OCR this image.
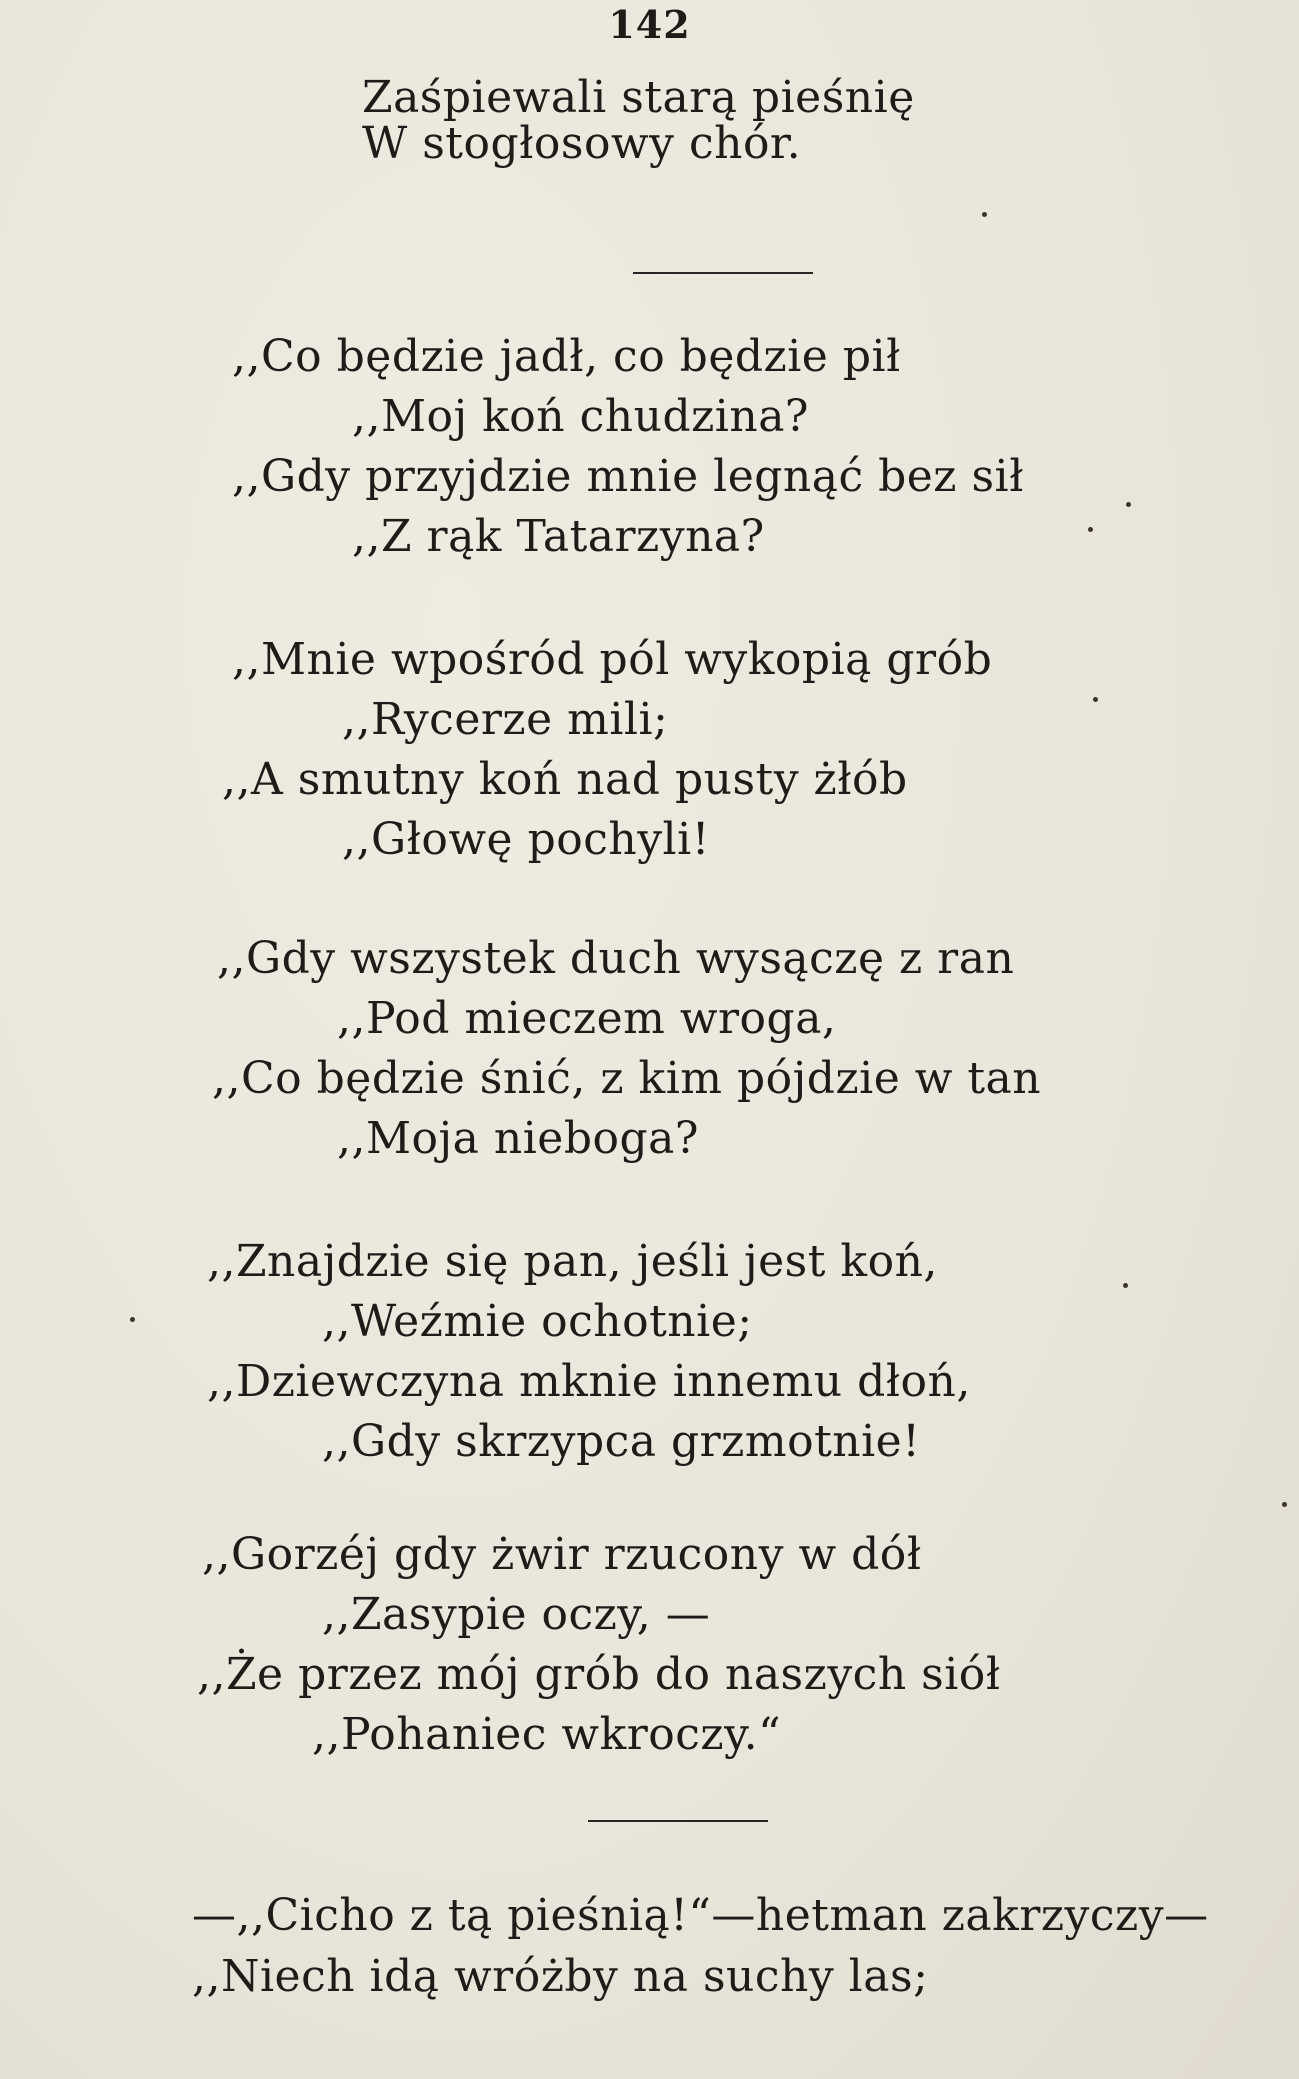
142
Zaśpiewali starą pieśnię
W stogłosowy chór.
,,Co będzie jadł, co będzie pił
,,Moj koń chudzina?
,,Gdy przyjdzie mnie legnąć bez sił
,,Z rąk Tatarzyna?
,,Mnie wpośród pól wykopią grób
,,Rycerze mili;
,,A smutny koń nad pusty żłób
,,Głowę pochyli!
,,Gdy wszystek duch wysączę z ran
,,Pod mieczem wroga,
,,Co będzie śnić, z kim pójdzie w tan
,,Moja nieboga?
,,Znajdzie się pan, jeśli jest koń,
,,Weźmie ochotnie;
,,Dziewczyna mknie innemu dłoń,
,,Gdy skrzypca grzmotnie!
,,Gorzéj gdy żwir rzucony w dół
,,Zasypie oczy, —
,,Że przez mój grób do naszych siół
,,Pohaniec wkroczy.“
—,,Cicho z tą pieśnią!“—hetman zakrzyczy—
,,Niech idą wróżby na suchy las;
